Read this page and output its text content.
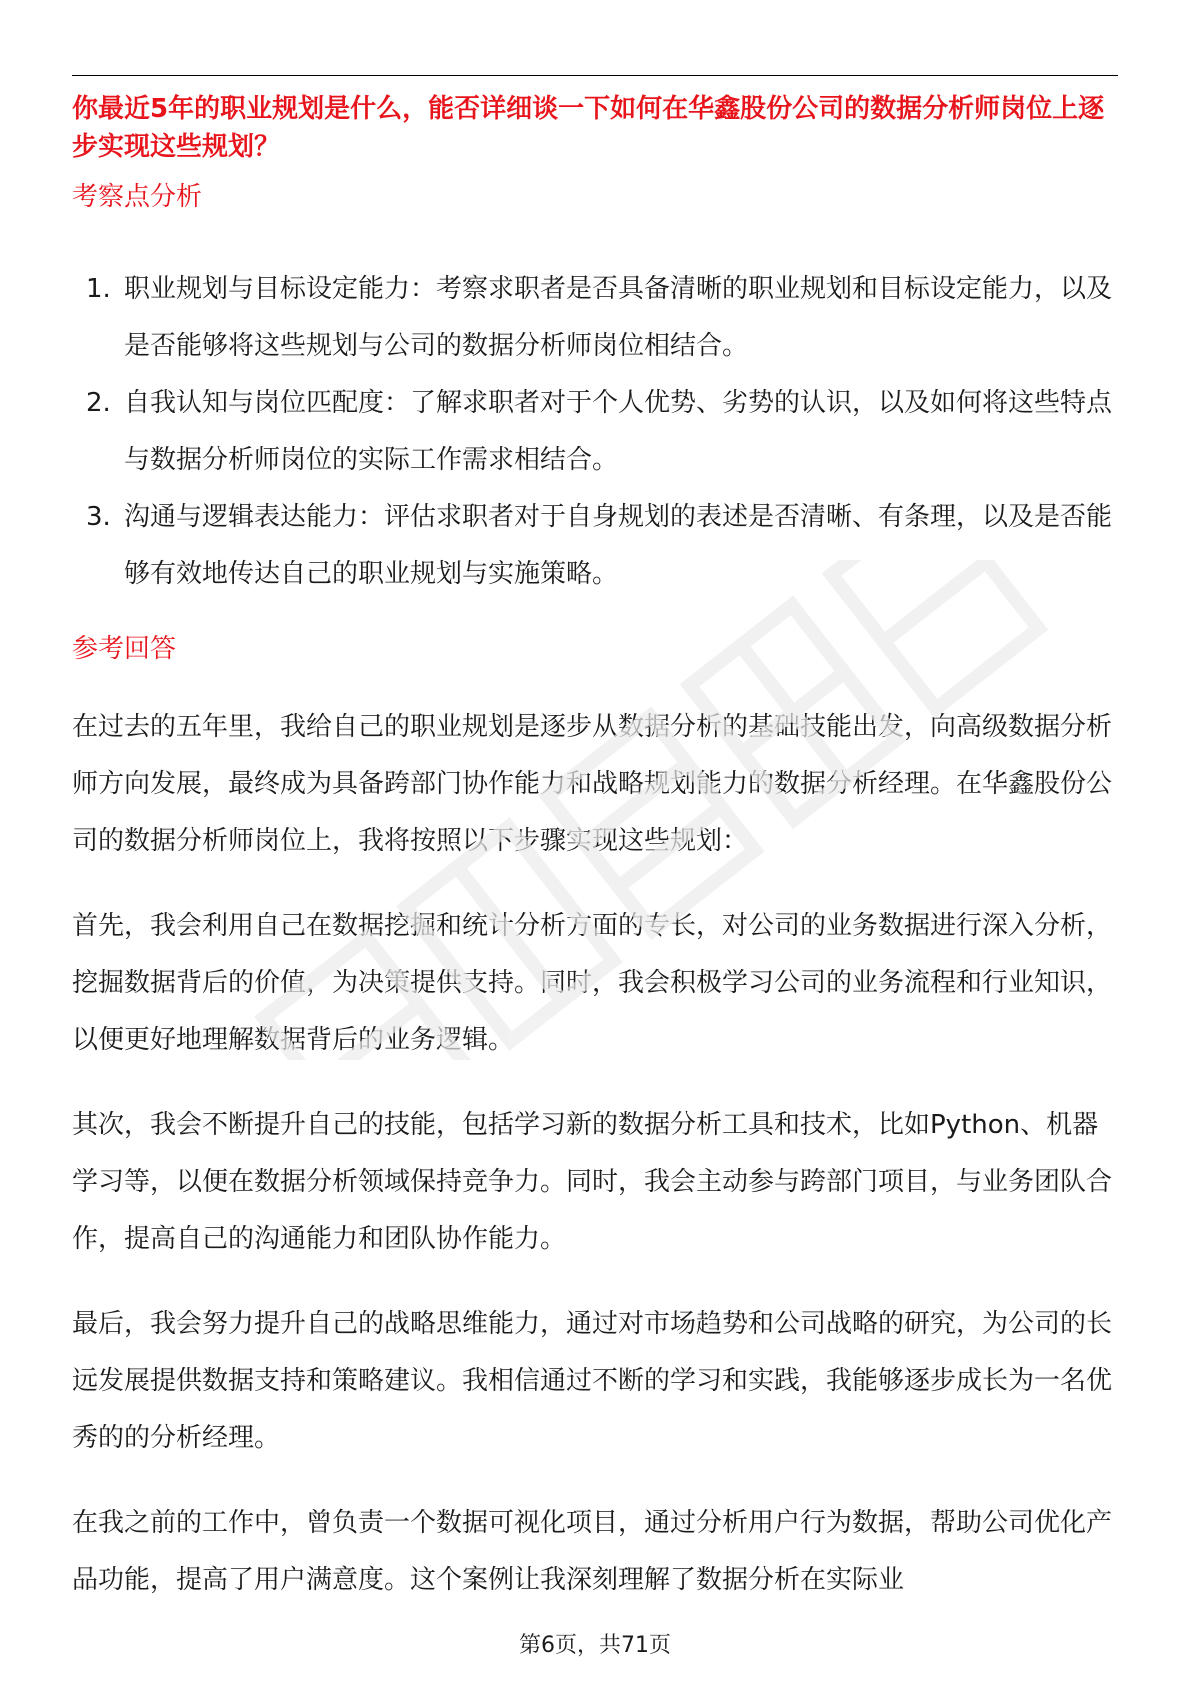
你最近5年的职业规划是什么，能否详细谈一下如何在华鑫股份公司的数据分析师岗位上逐步实现这些规划？
考察点分析
1. 职业规划与目标设定能力：考察求职者是否具备清晰的职业规划和目标设定能力，以及是否能够将这些规划与公司的数据分析师岗位相结合。
2. 自我认知与岗位匹配度：了解求职者对于个人优势、劣势的认识，以及如何将这些特点与数据分析师岗位的实际工作需求相结合。
3. 沟通与逻辑表达能力：评估求职者对于自身规划的表述是否清晰、有条理，以及是否能够有效地传达自己的职业规划与实施策略。
参考回答

在过去的五年里，我给自己的职业规划是逐步从数据分析的基础技能出发，向高级数据分析师方向发展，最终成为具备跨部门协作能力和战略规划能力的数据分析经理。在华鑫股份公司的数据分析师岗位上，我将按照以下步骤实现这些规划：

首先，我会利用自己在数据挖掘和统计分析方面的专长，对公司的业务数据进行深入分析，挖掘数据背后的价值，为决策提供支持。同时，我会积极学习公司的业务流程和行业知识，以便更好地理解数据背后的业务逻辑。

其次，我会不断提升自己的技能，包括学习新的数据分析工具和技术，比如Python、机器学习等，以便在数据分析领域保持竞争力。同时，我会主动参与跨部门项目，与业务团队合作，提高自己的沟通能力和团队协作能力。

最后，我会努力提升自己的战略思维能力，通过对市场趋势和公司战略的研究，为公司的长远发展提供数据支持和策略建议。我相信通过不断的学习和实践，我能够逐步成长为一名优秀的的分析经理。

在我之前的工作中，曾负责一个数据可视化项目，通过分析用户行为数据，帮助公司优化产品功能，提高了用户满意度。这个案例让我深刻理解了数据分析在实际业

第6页，共71页
